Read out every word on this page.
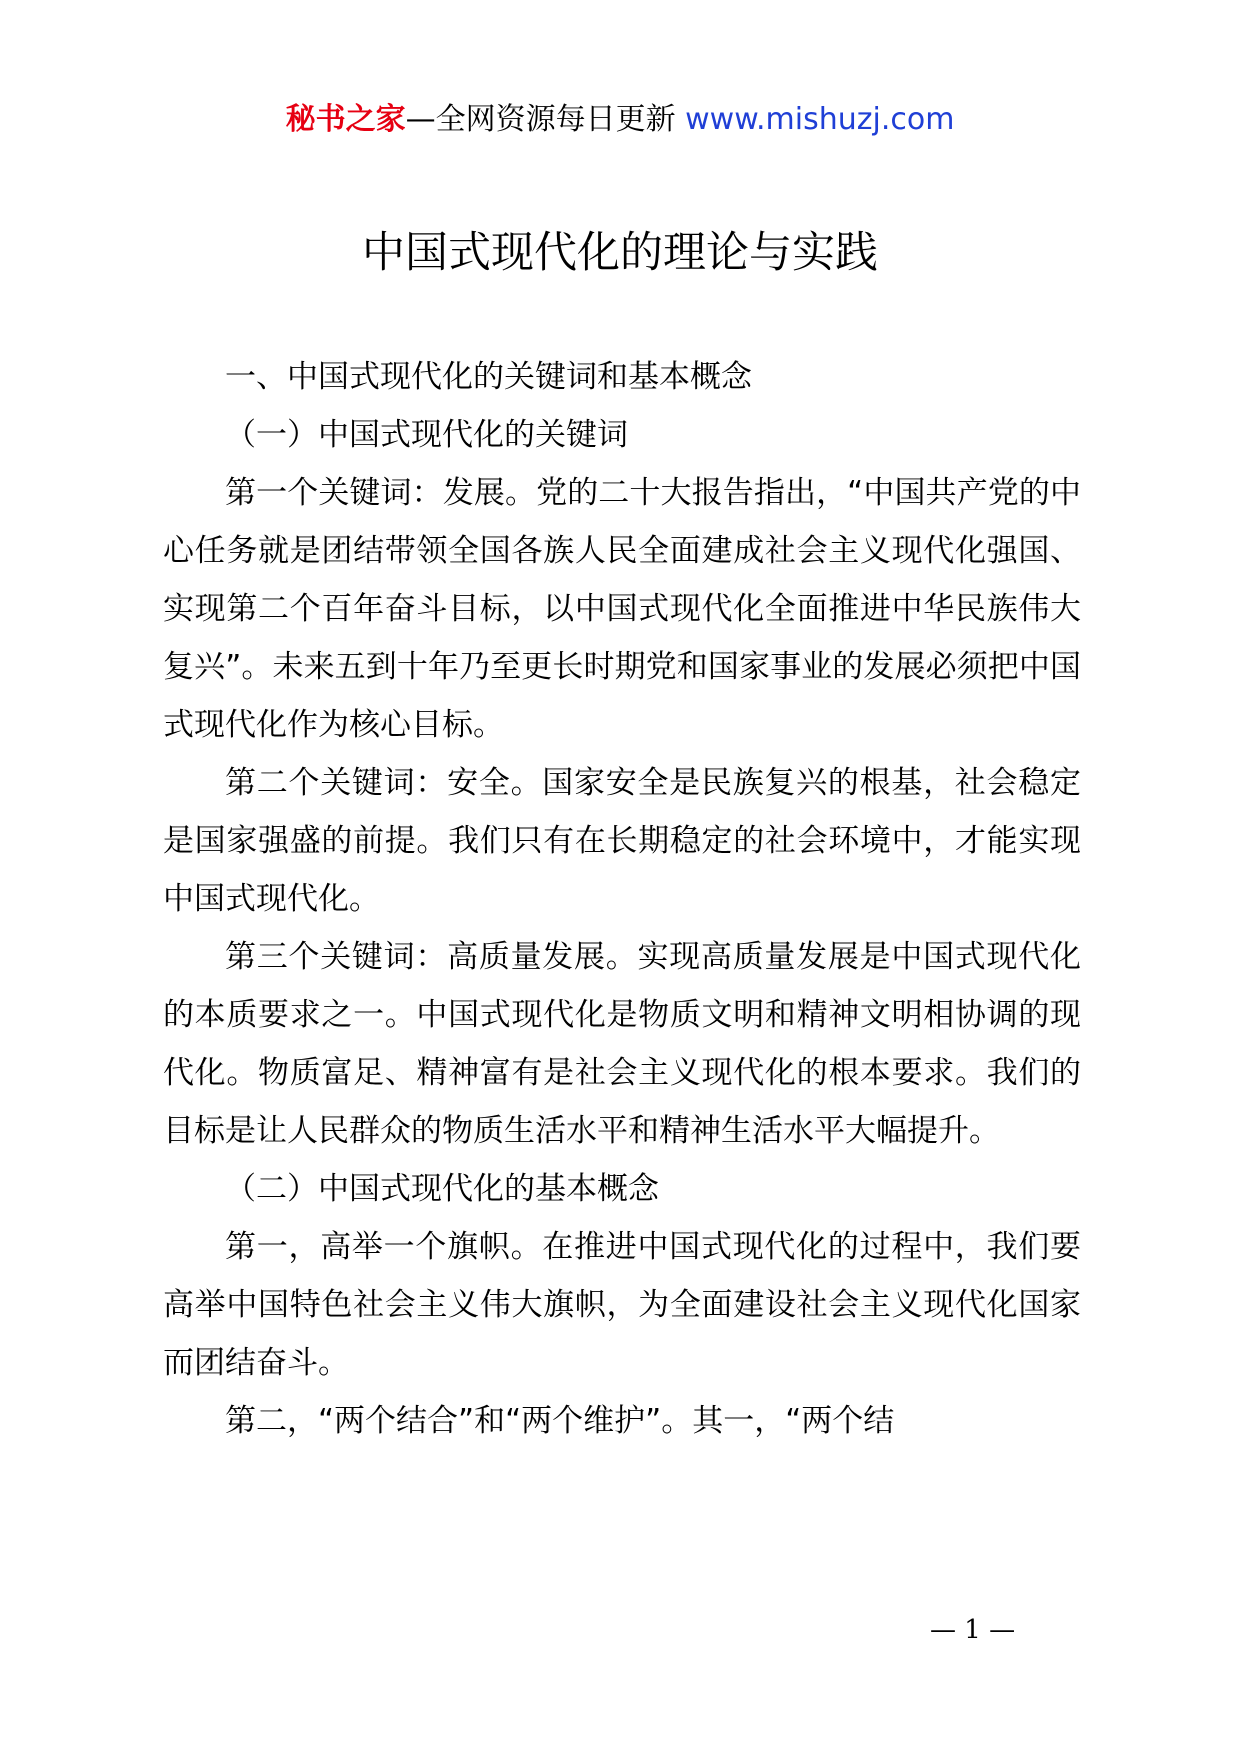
秘书之家—全网资源每日更新 www.mishuzj.com
中国式现代化的理论与实践

一、中国式现代化的关键词和基本概念

（一）中国式现代化的关键词

第一个关键词：发展。党的二十大报告指出，“中国共产党的中心任务就是团结带领全国各族人民全面建成社会主义现代化强国、实现第二个百年奋斗目标，以中国式现代化全面推进中华民族伟大复兴”。未来五到十年乃至更长时期党和国家事业的发展必须把中国式现代化作为核心目标。

第二个关键词：安全。国家安全是民族复兴的根基，社会稳定是国家强盛的前提。我们只有在长期稳定的社会环境中，才能实现中国式现代化。

第三个关键词：高质量发展。实现高质量发展是中国式现代化的本质要求之一。中国式现代化是物质文明和精神文明相协调的现代化。物质富足、精神富有是社会主义现代化的根本要求。我们的目标是让人民群众的物质生活水平和精神生活水平大幅提升。

（二）中国式现代化的基本概念

第一，高举一个旗帜。在推进中国式现代化的过程中，我们要高举中国特色社会主义伟大旗帜，为全面建设社会主义现代化国家而团结奋斗。

第二，“两个结合”和“两个维护”。其一，“两个结

— 1 —
